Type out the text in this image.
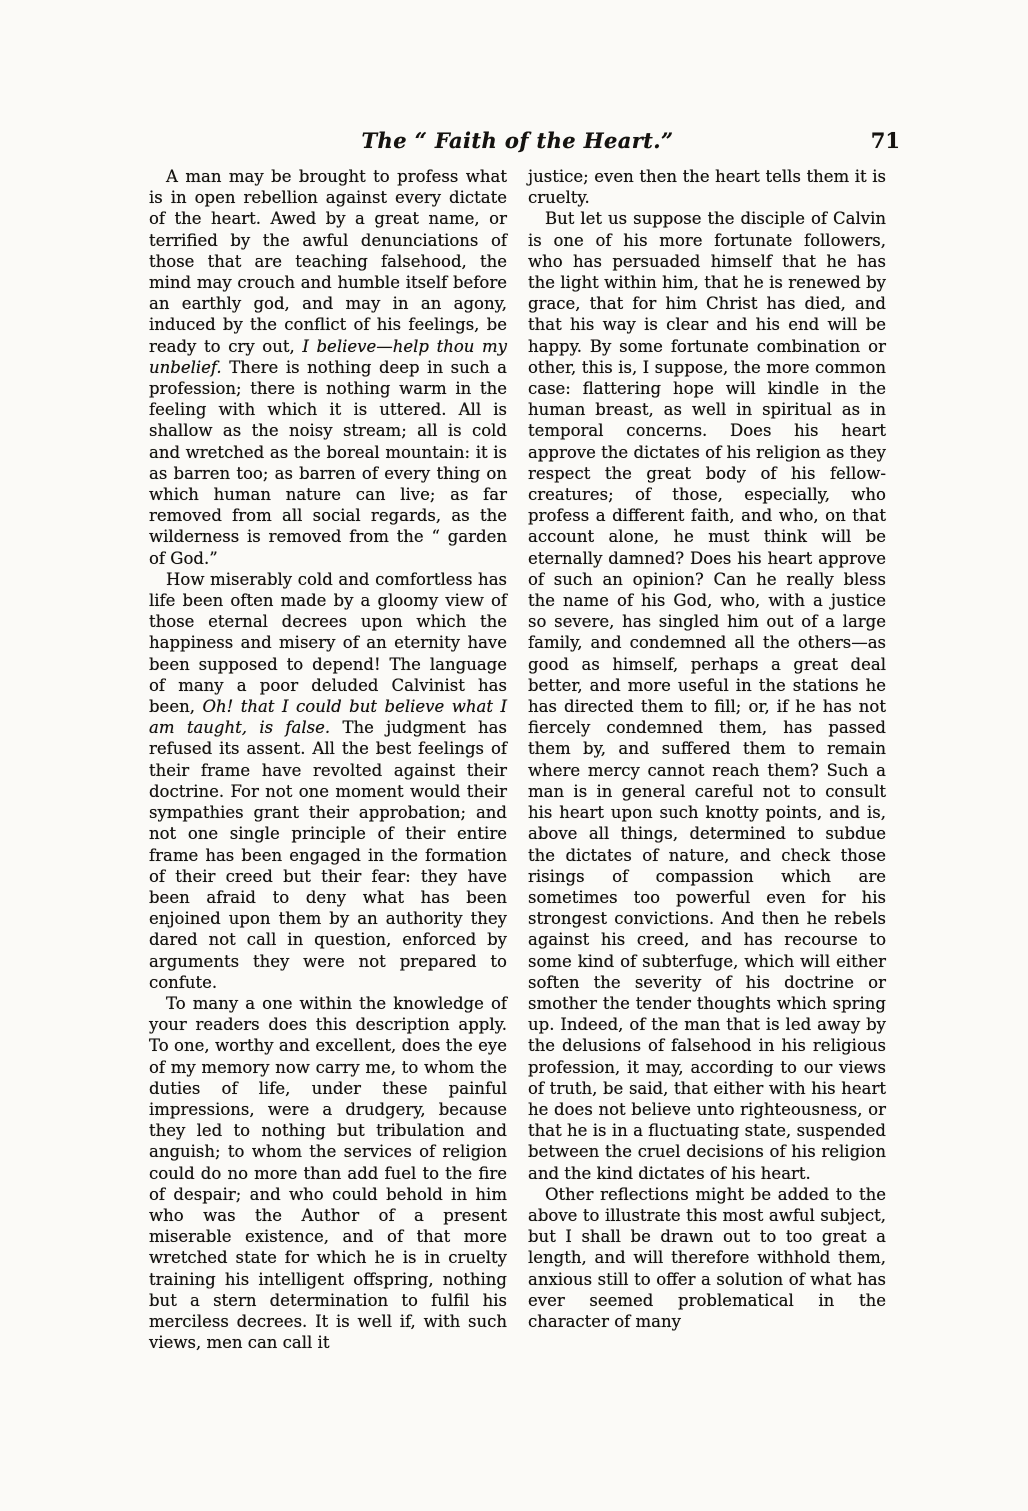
The “ Faith of the Heart.”	71

A man may be brought to profess what is in open rebellion against every dictate of the heart. Awed by a great name, or terrified by the awful denunciations of those that are teaching falsehood, the mind may crouch and humble itself before an earthly god, and may in an agony, induced by the conflict of his feelings, be ready to cry out, I believe—help thou my unbelief. There is nothing deep in such a profession; there is nothing warm in the feeling with which it is uttered. All is shallow as the noisy stream; all is cold and wretched as the boreal mountain: it is as barren too; as barren of every thing on which human nature can live; as far removed from all social regards, as the wilderness is removed from the “ garden of God.”

How miserably cold and comfortless has life been often made by a gloomy view of those eternal decrees upon which the happiness and misery of an eternity have been supposed to depend! The language of many a poor deluded Calvinist has been, Oh! that I could but believe what I am taught, is false. The judgment has refused its assent. All the best feelings of their frame have revolted against their doctrine. For not one moment would their sympathies grant their approbation; and not one single principle of their entire frame has been engaged in the formation of their creed but their fear: they have been afraid to deny what has been enjoined upon them by an authority they dared not call in question, enforced by arguments they were not prepared to confute.

To many a one within the knowledge of your readers does this description apply. To one, worthy and excellent, does the eye of my memory now carry me, to whom the duties of life, under these painful impressions, were a drudgery, because they led to nothing but tribulation and anguish; to whom the services of religion could do no more than add fuel to the fire of despair; and who could behold in him who was the Author of a present miserable existence, and of that more wretched state for which he is in cruelty training his intelligent offspring, nothing but a stern determination to fulfil his merciless decrees. It is well if, with such views, men can call it

justice; even then the heart tells them it is cruelty.

But let us suppose the disciple of Calvin is one of his more fortunate followers, who has persuaded himself that he has the light within him, that he is renewed by grace, that for him Christ has died, and that his way is clear and his end will be happy. By some fortunate combination or other, this is, I suppose, the more common case: flattering hope will kindle in the human breast, as well in spiritual as in temporal concerns. Does his heart approve the dictates of his religion as they respect the great body of his fellow-creatures; of those, especially, who profess a different faith, and who, on that account alone, he must think will be eternally damned? Does his heart approve of such an opinion? Can he really bless the name of his God, who, with a justice so severe, has singled him out of a large family, and condemned all the others—as good as himself, perhaps a great deal better, and more useful in the stations he has directed them to fill; or, if he has not fiercely condemned them, has passed them by, and suffered them to remain where mercy cannot reach them? Such a man is in general careful not to consult his heart upon such knotty points, and is, above all things, determined to subdue the dictates of nature, and check those risings of compassion which are sometimes too powerful even for his strongest convictions. And then he rebels against his creed, and has recourse to some kind of subterfuge, which will either soften the severity of his doctrine or smother the tender thoughts which spring up. Indeed, of the man that is led away by the delusions of falsehood in his religious profession, it may, according to our views of truth, be said, that either with his heart he does not believe unto righteousness, or that he is in a fluctuating state, suspended between the cruel decisions of his religion and the kind dictates of his heart.

Other reflections might be added to the above to illustrate this most awful subject, but I shall be drawn out to too great a length, and will therefore withhold them, anxious still to offer a solution of what has ever seemed problematical in the character of many
